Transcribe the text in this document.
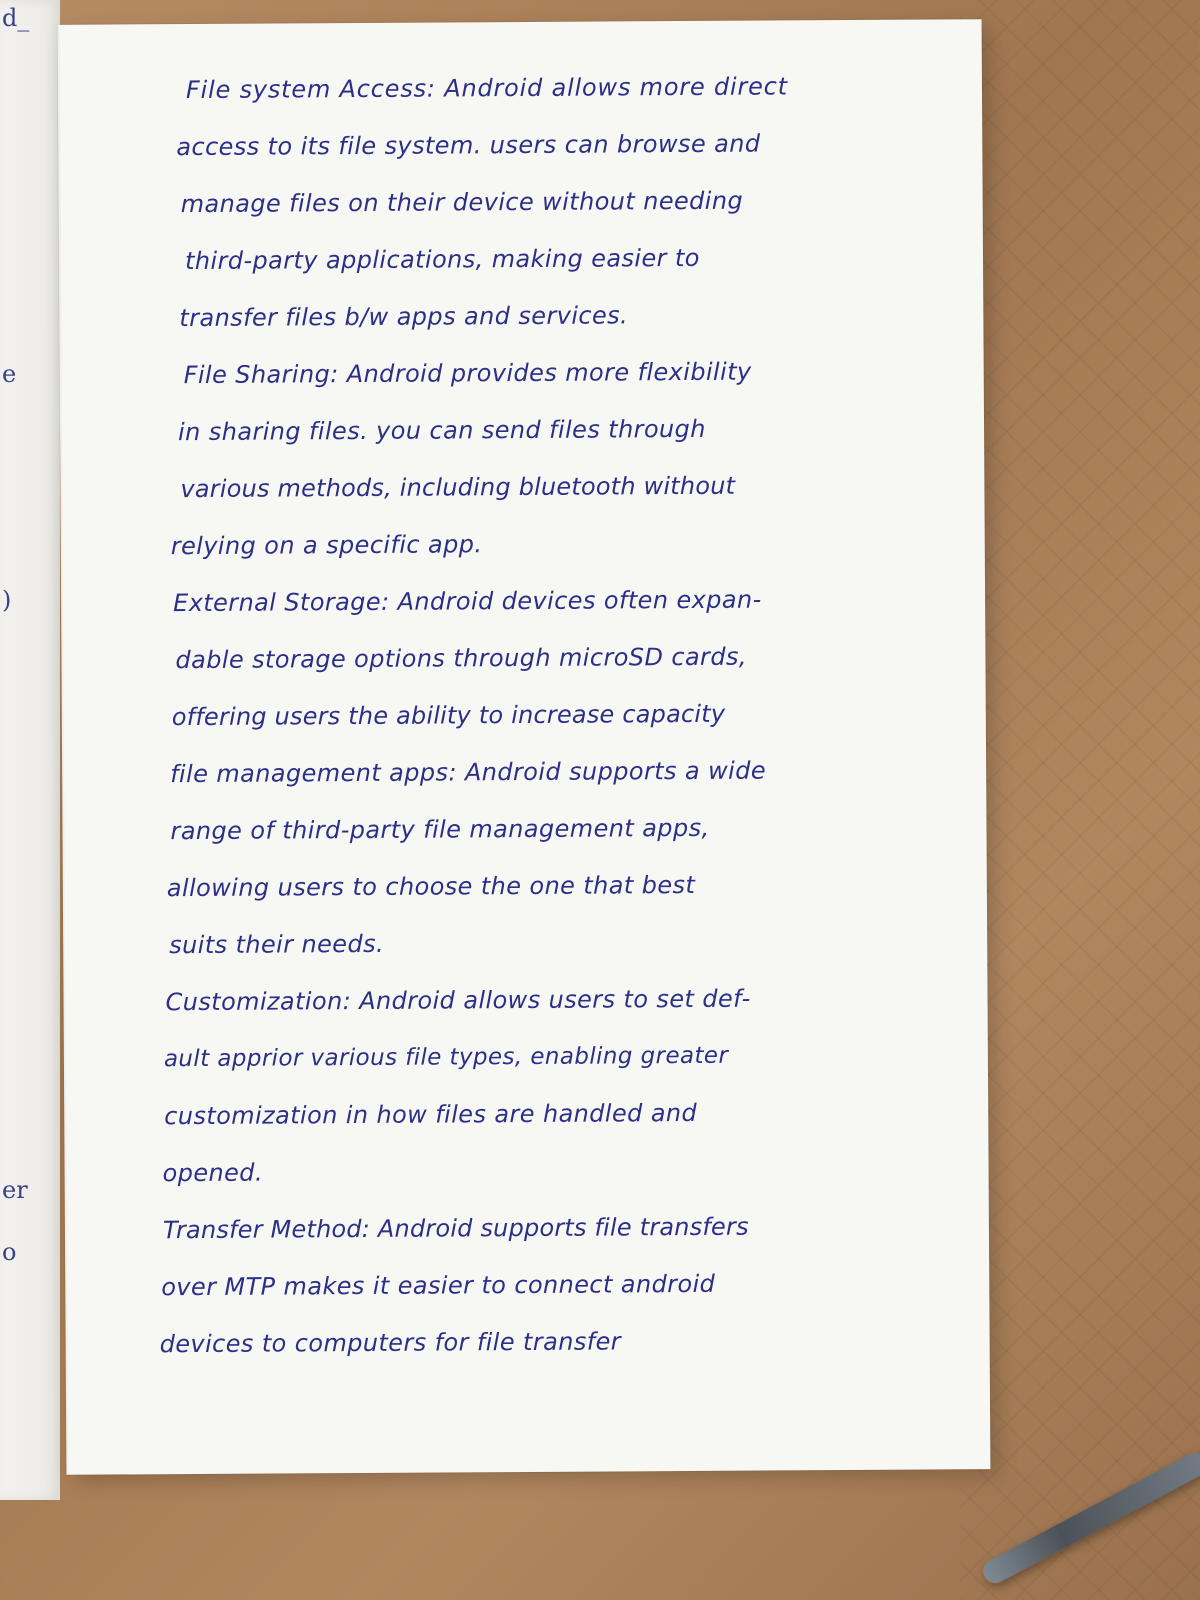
d_
e
)
er
o
File system Access: Android allows more direct
access to its file system. users can browse and
manage files on their device without needing
third-party applications, making easier to
transfer files b/w apps and services.
File Sharing: Android provides more flexibility
in sharing files. you can send files through
various methods, including bluetooth without
relying on a specific app.
External Storage: Android devices often expan-
dable storage options through microSD cards,
offering users the ability to increase capacity
file management apps: Android supports a wide
range of third-party file management apps,
allowing users to choose the one that best
suits their needs.
Customization: Android allows users to set def-
ault apprior various file types, enabling greater
customization in how files are handled and
opened.
Transfer Method: Android supports file transfers
over MTP makes it easier to connect android
devices to computers for file transfer
